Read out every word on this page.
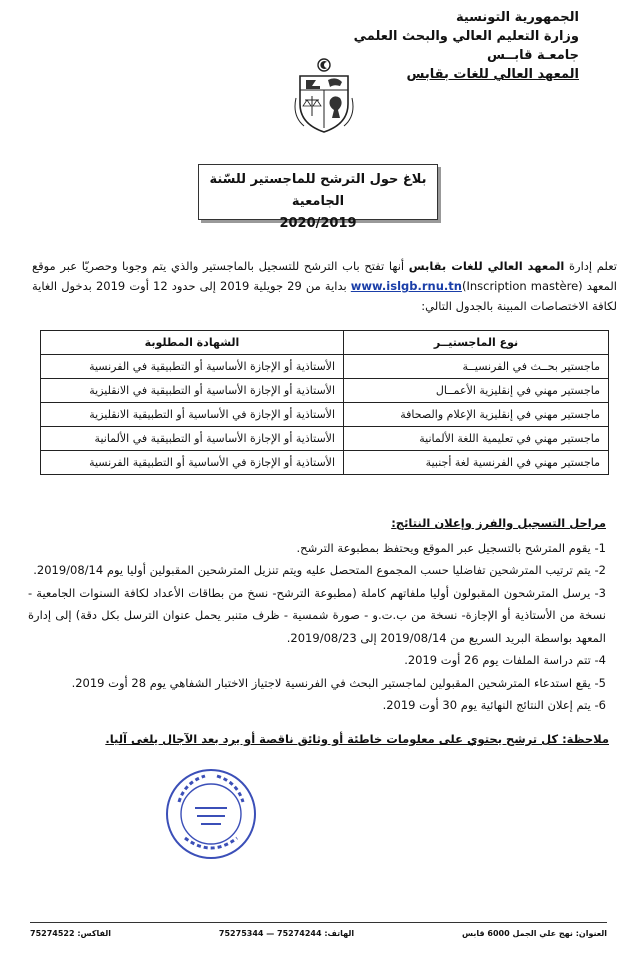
الجمهورية التونسية
وزارة التعليم العالي والبحث العلمي
جامعـة قابــس
المعهد العالي للغات بقابس
بلاغ حول الترشح للماجستير للسّنة الجامعية
2020/2019
تعلم إدارة المعهد العالي للغات بقابس أنها تفتح باب الترشح للتسجيل بالماجستير والذي يتم وجوبا وحصريّا عبر موقع المعهد www.islgb.rnu.tn(Inscription mastère) بداية من 29 جويلية 2019 إلى حدود 12 أوت 2019 بدخول الغاية لكافة الاختصاصات المبينة بالجدول التالي:
نوع الماجستيــر	الشهادة المطلوبة
ماجستير بحــث في الفرنسيــة	الأستاذية أو الإجازة الأساسية أو التطبيقية في الفرنسية
ماجستير مهني في إنقليزية الأعمــال	الأستاذية أو الإجازة الأساسية أو التطبيقية في الانقليزية
ماجستير مهني في إنقليزية الإعلام والصحافة	الأستاذية أو الإجازة في الأساسية أو التطبيقية الانقليزية
ماجستير مهني في تعليمية اللغة الألمانية	الأستاذية أو الإجازة الأساسية أو التطبيقية في الألمانية
ماجستير مهني في الفرنسية لغة أجنبية	الأستاذية أو الإجازة في الأساسية أو التطبيقية الفرنسية
مراحل التسجيل والفرز وإعلان النتائج:
1- يقوم المترشح بالتسجيل عبر الموقع ويحتفظ بمطبوعة الترشح.
2- يتم ترتيب المترشحين تفاضليا حسب المجموع المتحصل عليه ويتم تنزيل المترشحين المقبولين أوليا يوم 2019/08/14.
3- يرسل المترشحون المقبولون أوليا ملفاتهم كاملة (مطبوعة الترشح- نسخ من بطاقات الأعداد لكافة السنوات الجامعية - نسخة من الأستاذية أو الإجازة- نسخة من ب.ت.و - صورة شمسية - ظرف متنبر يحمل عنوان الترسل بكل دقة) إلى إدارة المعهد بواسطة البريد السريع من 2019/08/14 إلى 2019/08/23.
4- تتم دراسة الملفات يوم 26 أوت 2019.
5- يقع استدعاء المترشحين المقبولين لماجستير البحث في الفرنسية لاجتياز الاختبار الشفاهي يوم 28 أوت 2019.
6- يتم إعلان النتائج النهائية يوم 30 أوت 2019.
ملاحظة: كل ترشح يحتوي على معلومات خاطئة أو وثائق ناقصة أو يرد بعد الآجال يلغى آليا.
العنوان: نهج علي الجمل 6000 قابس
الهاتف: 75274244 — 75275344
الفاكس: 75274522
